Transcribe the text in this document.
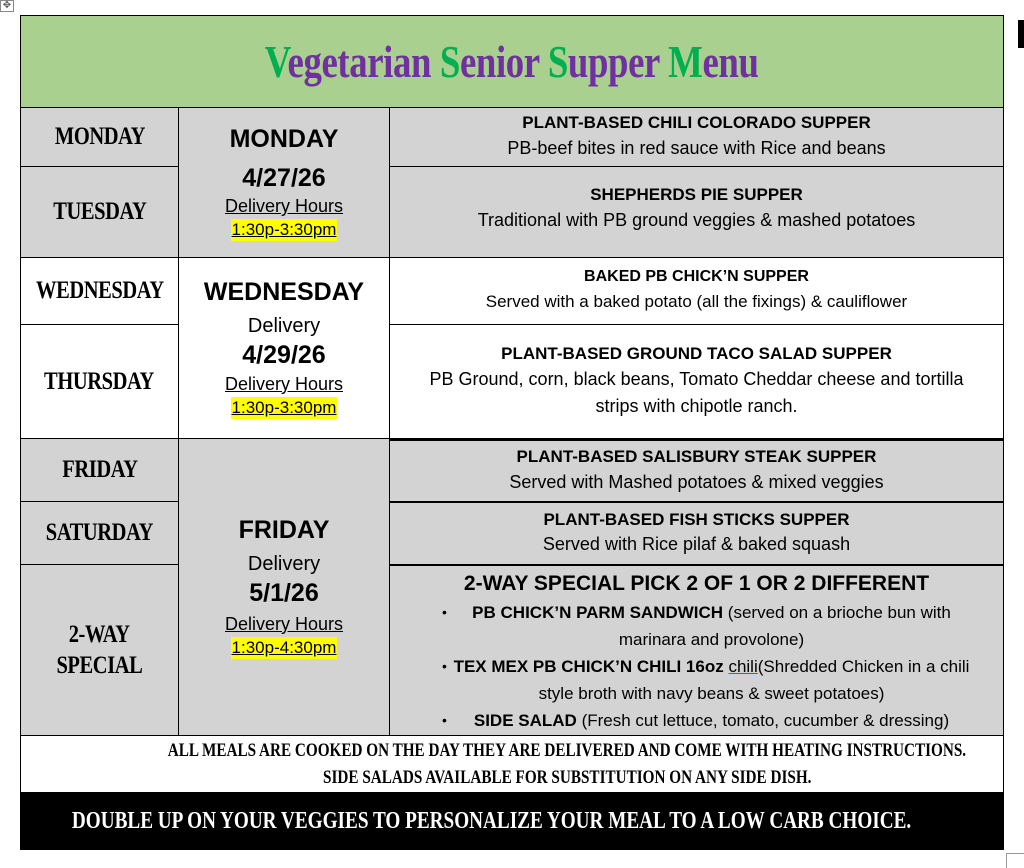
✥
Vegetarian Senior Supper Menu
MONDAY
TUESDAY
WEDNESDAY
THURSDAY
FRIDAY
SATURDAY
2-WAY
SPECIAL
MONDAY
4/27/26
Delivery Hours
1:30p-3:30pm
WEDNESDAY
Delivery
4/29/26
Delivery Hours
1:30p-3:30pm
FRIDAY
Delivery
5/1/26
Delivery Hours
1:30p-4:30pm
PLANT-BASED CHILI COLORADO SUPPER
PB-beef bites in red sauce with Rice and beans
SHEPHERDS PIE SUPPER
Traditional with PB ground veggies & mashed potatoes
BAKED PB CHICK’N SUPPER
Served with a baked potato (all the fixings) & cauliflower
PLANT-BASED GROUND TACO SALAD SUPPER
PB Ground, corn, black beans, Tomato Cheddar cheese and tortilla
strips with chipotle ranch.
PLANT-BASED SALISBURY STEAK SUPPER
Served with Mashed potatoes & mixed veggies
PLANT-BASED FISH STICKS SUPPER
Served with Rice pilaf & baked squash
2-WAY SPECIAL PICK 2 OF 1 OR 2 DIFFERENT
• PB CHICK’N PARM SANDWICH (served on a brioche bun with
marinara and provolone)
• TEX MEX PB CHICK’N CHILI 16oz chili(Shredded Chicken in a chili
style broth with navy beans & sweet potatoes)
• SIDE SALAD (Fresh cut lettuce, tomato, cucumber & dressing)
ALL MEALS ARE COOKED ON THE DAY THEY ARE DELIVERED AND COME WITH HEATING INSTRUCTIONS.
SIDE SALADS AVAILABLE FOR SUBSTITUTION ON ANY SIDE DISH.
DOUBLE UP ON YOUR VEGGIES TO PERSONALIZE YOUR MEAL TO A LOW CARB CHOICE.
